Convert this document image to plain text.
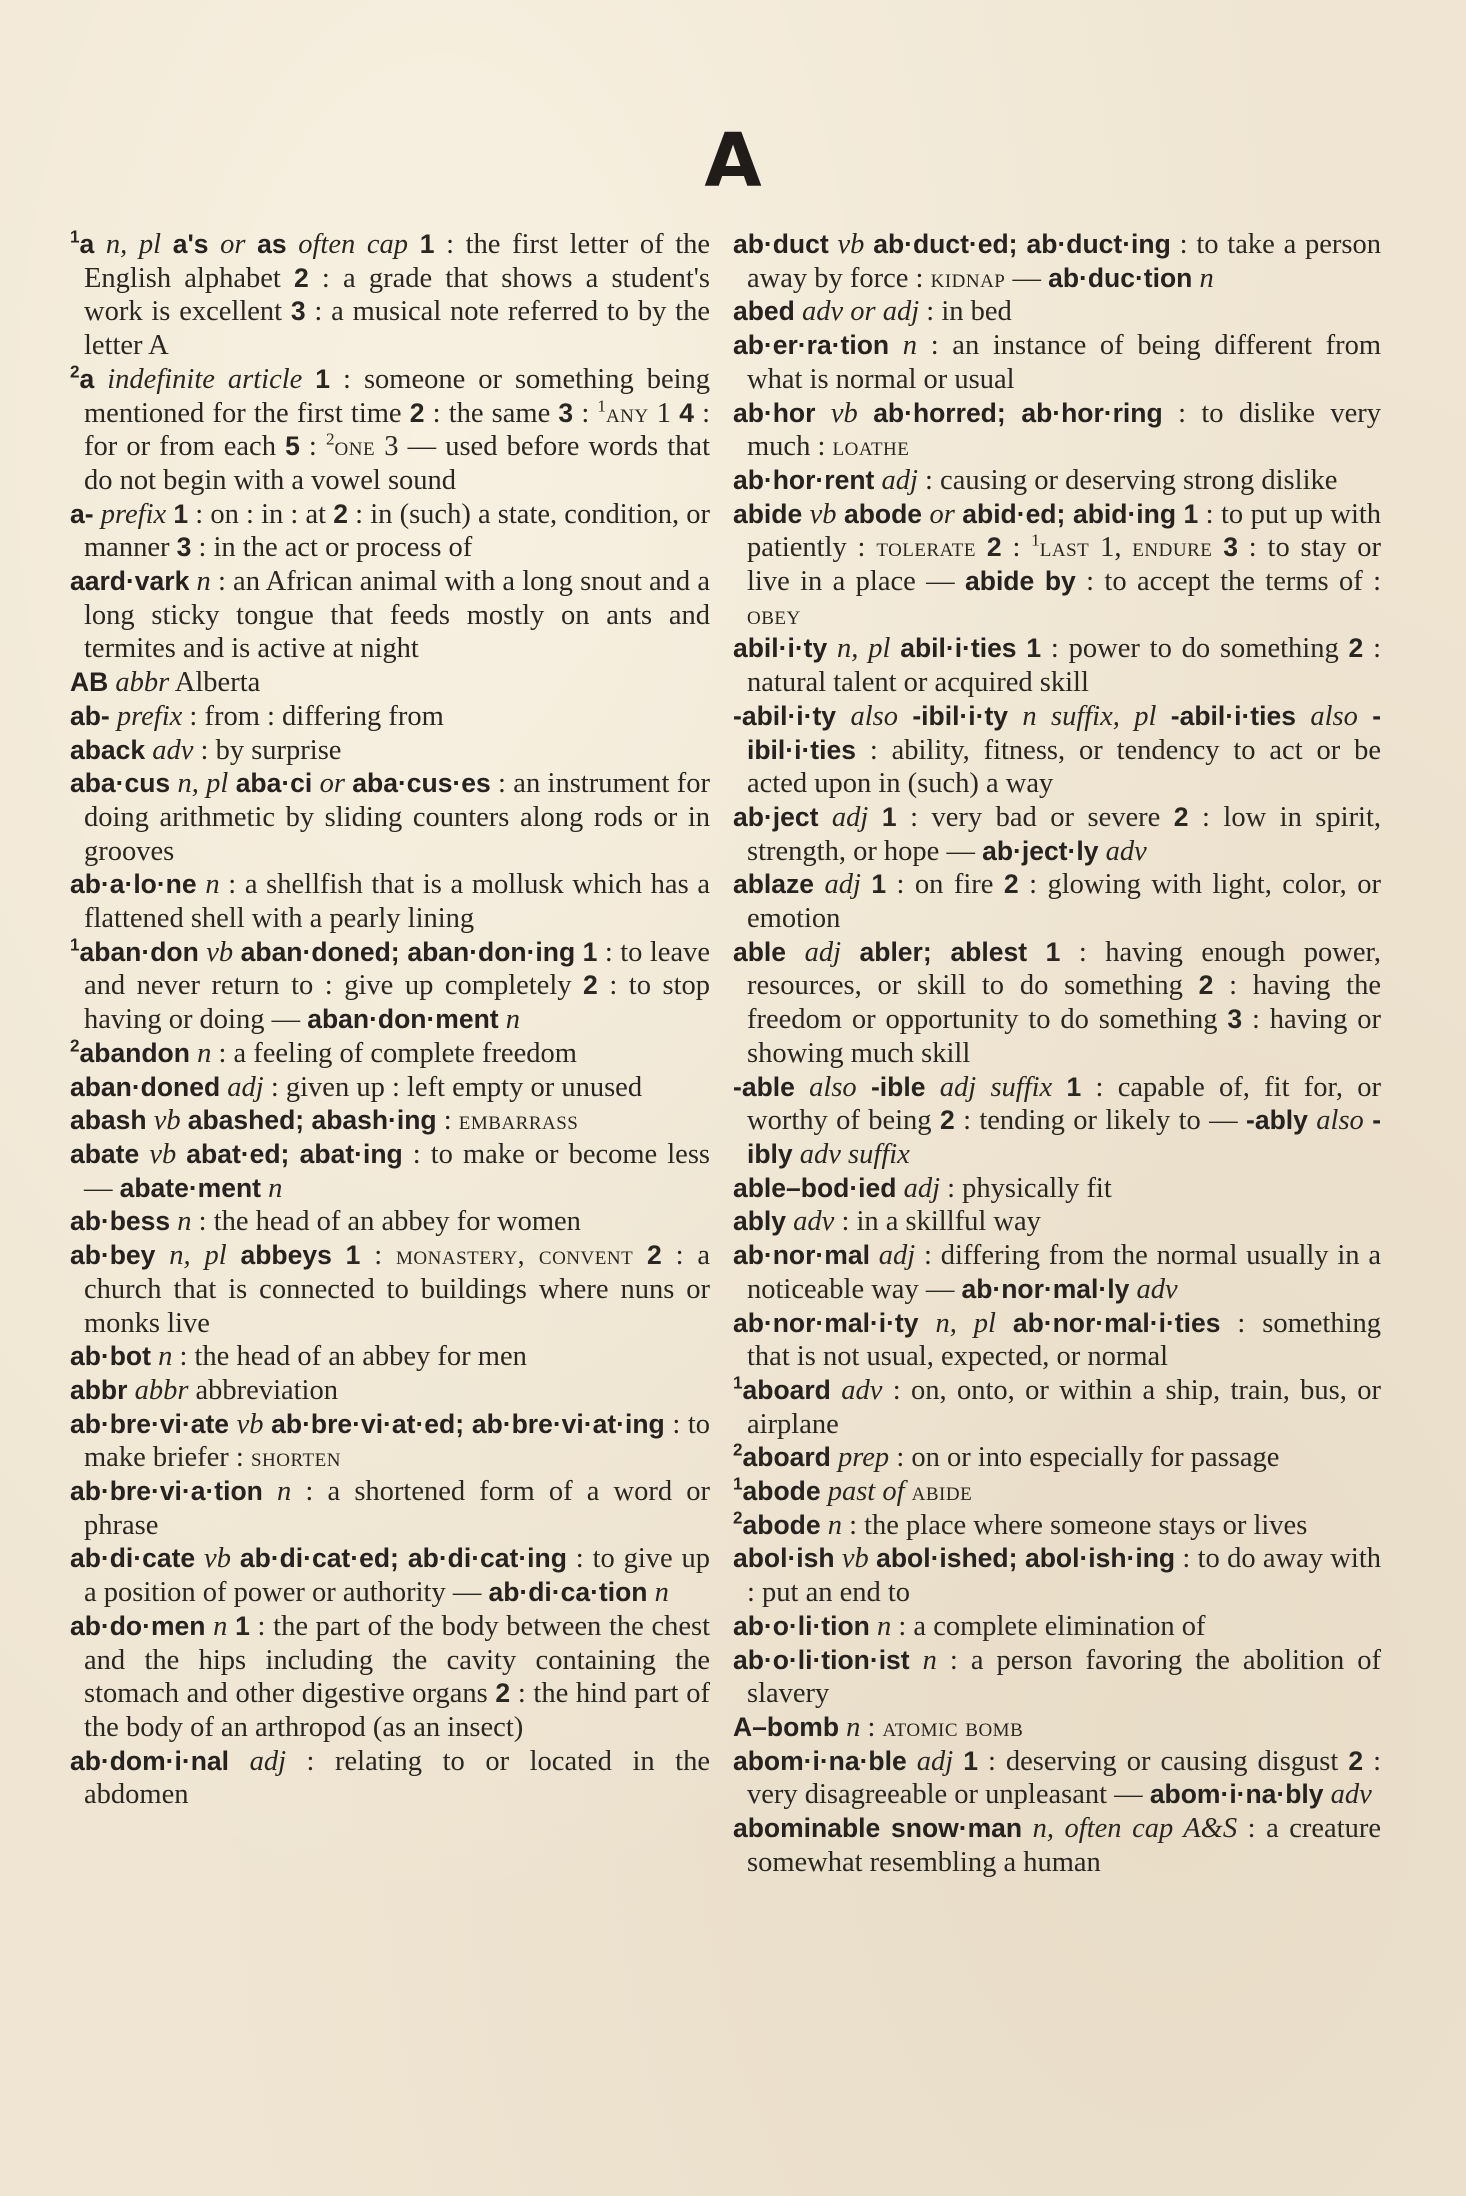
A

$^1$a n, pl a's or as often cap 1 : the first letter of the English alphabet 2 : a grade that shows a student's work is excellent 3 : a musical note referred to by the letter A

$^2$a indefinite article 1 : someone or something being mentioned for the first time 2 : the same 3 : $^1$any 1 4 : for or from each 5 : $^2$one 3 — used before words that do not begin with a vowel sound

a- prefix 1 : on : in : at 2 : in (such) a state, condition, or manner 3 : in the act or process of

aard·vark n : an African animal with a long snout and a long sticky tongue that feeds mostly on ants and termites and is active at night

AB abbr Alberta

ab- prefix : from : differing from

aback adv : by surprise

aba·cus n, pl aba·ci or aba·cus·es : an instrument for doing arithmetic by sliding counters along rods or in grooves

ab·a·lo·ne n : a shellfish that is a mollusk which has a flattened shell with a pearly lining

$^1$aban·don vb aban·doned; aban·don·ing 1 : to leave and never return to : give up completely 2 : to stop having or doing — aban·don·ment n

$^2$abandon n : a feeling of complete freedom

aban·doned adj : given up : left empty or unused

abash vb abashed; abash·ing : embarrass

abate vb abat·ed; abat·ing : to make or become less — abate·ment n

ab·bess n : the head of an abbey for women

ab·bey n, pl abbeys 1 : monastery, convent 2 : a church that is connected to buildings where nuns or monks live

ab·bot n : the head of an abbey for men

abbr abbr abbreviation

ab·bre·vi·ate vb ab·bre·vi·at·ed; ab·bre·vi·at·ing : to make briefer : shorten

ab·bre·vi·a·tion n : a shortened form of a word or phrase

ab·di·cate vb ab·di·cat·ed; ab·di·cat·ing : to give up a position of power or authority — ab·di·ca·tion n

ab·do·men n 1 : the part of the body between the chest and the hips including the cavity containing the stomach and other digestive organs 2 : the hind part of the body of an arthropod (as an insect)

ab·dom·i·nal adj : relating to or located in the abdomen

ab·duct vb ab·duct·ed; ab·duct·ing : to take a person away by force : kidnap — ab·duc·tion n

abed adv or adj : in bed

ab·er·ra·tion n : an instance of being different from what is normal or usual

ab·hor vb ab·horred; ab·hor·ring : to dislike very much : loathe

ab·hor·rent adj : causing or deserving strong dislike

abide vb abode or abid·ed; abid·ing 1 : to put up with patiently : tolerate 2 : $^1$last 1, endure 3 : to stay or live in a place — abide by : to accept the terms of : obey

abil·i·ty n, pl abil·i·ties 1 : power to do something 2 : natural talent or acquired skill

-abil·i·ty also -ibil·i·ty n suffix, pl -abil·i·ties also -ibil·i·ties : ability, fitness, or tendency to act or be acted upon in (such) a way

ab·ject adj 1 : very bad or severe 2 : low in spirit, strength, or hope — ab·ject·ly adv

ablaze adj 1 : on fire 2 : glowing with light, color, or emotion

able adj abler; ablest 1 : having enough power, resources, or skill to do something 2 : having the freedom or opportunity to do something 3 : having or showing much skill

-able also -ible adj suffix 1 : capable of, fit for, or worthy of being 2 : tending or likely to — -ably also -ibly adv suffix

able–bod·ied adj : physically fit

ably adv : in a skillful way

ab·nor·mal adj : differing from the normal usually in a noticeable way — ab·nor·mal·ly adv

ab·nor·mal·i·ty n, pl ab·nor·mal·i·ties : something that is not usual, expected, or normal

$^1$aboard adv : on, onto, or within a ship, train, bus, or airplane

$^2$aboard prep : on or into especially for passage

$^1$abode past of abide

$^2$abode n : the place where someone stays or lives

abol·ish vb abol·ished; abol·ish·ing : to do away with : put an end to

ab·o·li·tion n : a complete elimination of

ab·o·li·tion·ist n : a person favoring the abolition of slavery

A–bomb n : atomic bomb

abom·i·na·ble adj 1 : deserving or causing disgust 2 : very disagreeable or unpleasant — abom·i·na·bly adv

abominable snow·man n, often cap A&S : a creature somewhat resembling a human
